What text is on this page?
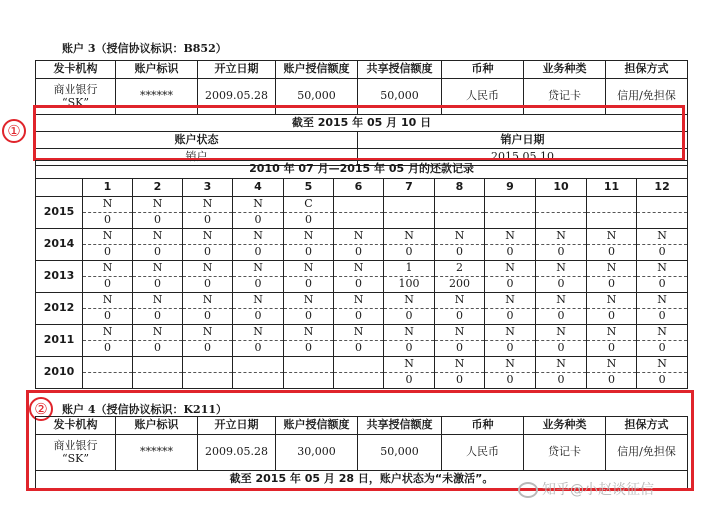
账户 3（授信协议标识：B852）
发卡机构	账户标识	开立日期	账户授信额度	共享授信额度	币种	业务种类	担保方式
商业银行
“SK”	******	2009.05.28	50,000	50,000	人民币	贷记卡	信用/免担保
截至 2015 年 05 月 10 日							
账户状态				销户日期			
销户				2015.05.10			
①
2010 年 07 月—2015 年 05 月的还款记录												
	1	2	3	4	5	6	7	8	9	10	11	12
2015	N	N	N	N	C							
	0	0	0	0	0							
2014	N	N	N	N	N	N	N	N	N	N	N	N
	0	0	0	0	0	0	0	0	0	0	0	0
2013	N	N	N	N	N	N	1	2	N	N	N	N
	0	0	0	0	0	0	100	200	0	0	0	0
2012	N	N	N	N	N	N	N	N	N	N	N	N
	0	0	0	0	0	0	0	0	0	0	0	0
2011	N	N	N	N	N	N	N	N	N	N	N	N
	0	0	0	0	0	0	0	0	0	0	0	0
2010							N	N	N	N	N	N
							0	0	0	0	0	0
②	账户 4（授信协议标识：K211）
发卡机构	账户标识	开立日期	账户授信额度	共享授信额度	币种	业务种类	担保方式
商业银行
“SK”	******	2009.05.28	30,000	50,000	人民币	贷记卡	信用/免担保
截至 2015 年 05 月 28 日，账户状态为“未激活”。							
知乎@小赵谈征信
